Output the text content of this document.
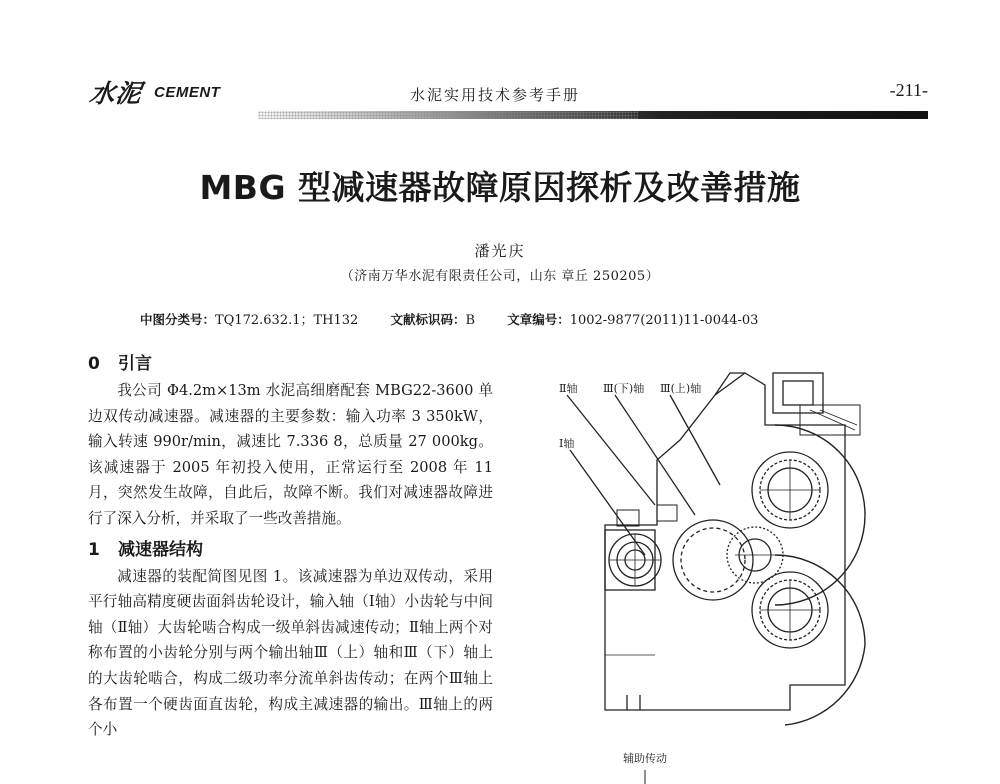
水泥 CEMENT	水泥实用技术参考手册	-211-
MBG 型减速器故障原因探析及改善措施
潘光庆
（济南万华水泥有限责任公司，山东 章丘 250205）
中图分类号：TQ172.632.1；TH132	文献标识码：B	文章编号：1002-9877(2011)11-0044-03
0 引言

我公司 Φ4.2m×13m 水泥高细磨配套 MBG22-3600 单边双传动减速器。减速器的主要参数：输入功率 3 350kW，输入转速 990r/min，减速比 7.336 8，总质量 27 000kg。该减速器于 2005 年初投入使用，正常运行至 2008 年 11 月，突然发生故障，自此后，故障不断。我们对减速器故障进行了深入分析，并采取了一些改善措施。

1 减速器结构

减速器的装配简图见图 1。该减速器为单边双传动，采用平行轴高精度硬齿面斜齿轮设计，输入轴（Ⅰ轴）小齿轮与中间轴（Ⅱ轴）大齿轮啮合构成一级单斜齿减速传动；Ⅱ轴上两个对称布置的小齿轮分别与两个输出轴Ⅲ（上）轴和Ⅲ（下）轴上的大齿轮啮合，构成二级功率分流单斜齿传动；在两个Ⅲ轴上各布置一个硬齿面直齿轮，构成主减速器的输出。Ⅲ轴上的两个小

Ⅱ轴 Ⅲ(下)轴 Ⅲ(上)轴
Ⅰ轴
辅助传动
